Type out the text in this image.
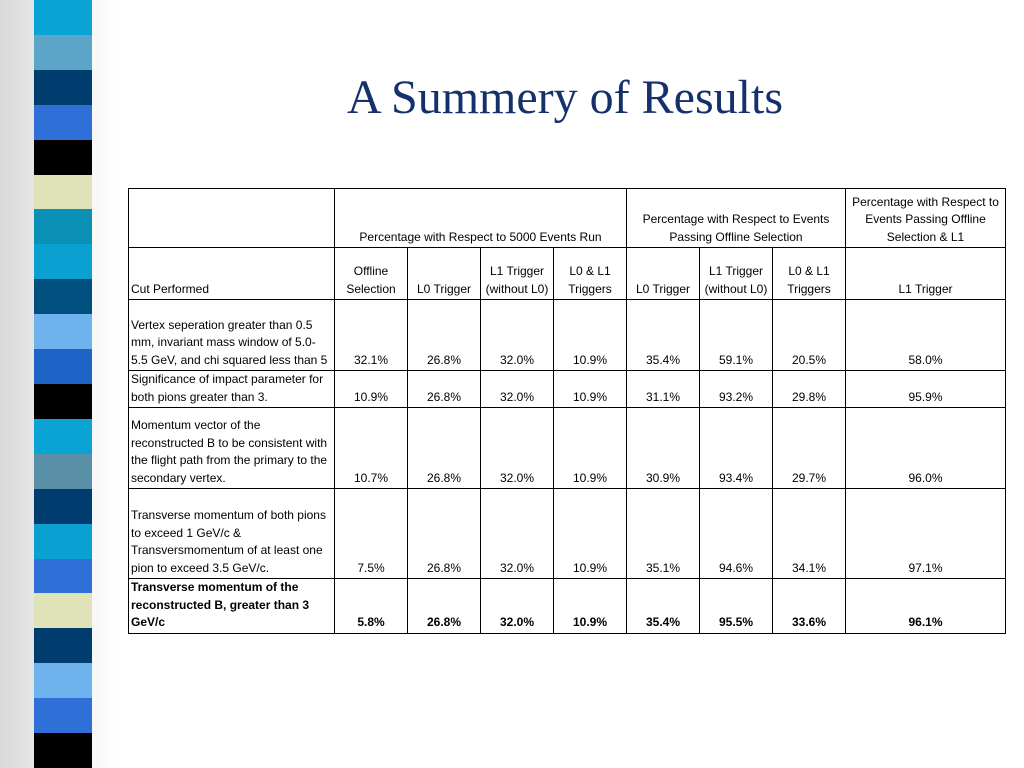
A Summery of Results
	Percentage with Respect to 5000 Events Run				Percentage with Respect to Events Passing Offline Selection			Percentage with Respect to Events Passing Offline Selection & L1
Cut Performed	Offline Selection	L0 Trigger	L1 Trigger (without L0)	L0 & L1 Triggers	L0 Trigger	L1 Trigger (without L0)	L0 & L1 Triggers	L1 Trigger
Vertex seperation greater than 0.5 mm, invariant mass window of 5.0-5.5 GeV, and chi squared less than 5	32.1%	26.8%	32.0%	10.9%	35.4%	59.1%	20.5%	58.0%
Significance of impact parameter for both pions greater than 3.	10.9%	26.8%	32.0%	10.9%	31.1%	93.2%	29.8%	95.9%
Momentum vector of the reconstructed B to be consistent with the flight path from the primary to the secondary vertex.	10.7%	26.8%	32.0%	10.9%	30.9%	93.4%	29.7%	96.0%
Transverse momentum of both pions to exceed 1 GeV/c & Transversmomentum of at least one pion to exceed 3.5 GeV/c.	7.5%	26.8%	32.0%	10.9%	35.1%	94.6%	34.1%	97.1%
Transverse momentum of the reconstructed B, greater than 3 GeV/c	5.8%	26.8%	32.0%	10.9%	35.4%	95.5%	33.6%	96.1%
